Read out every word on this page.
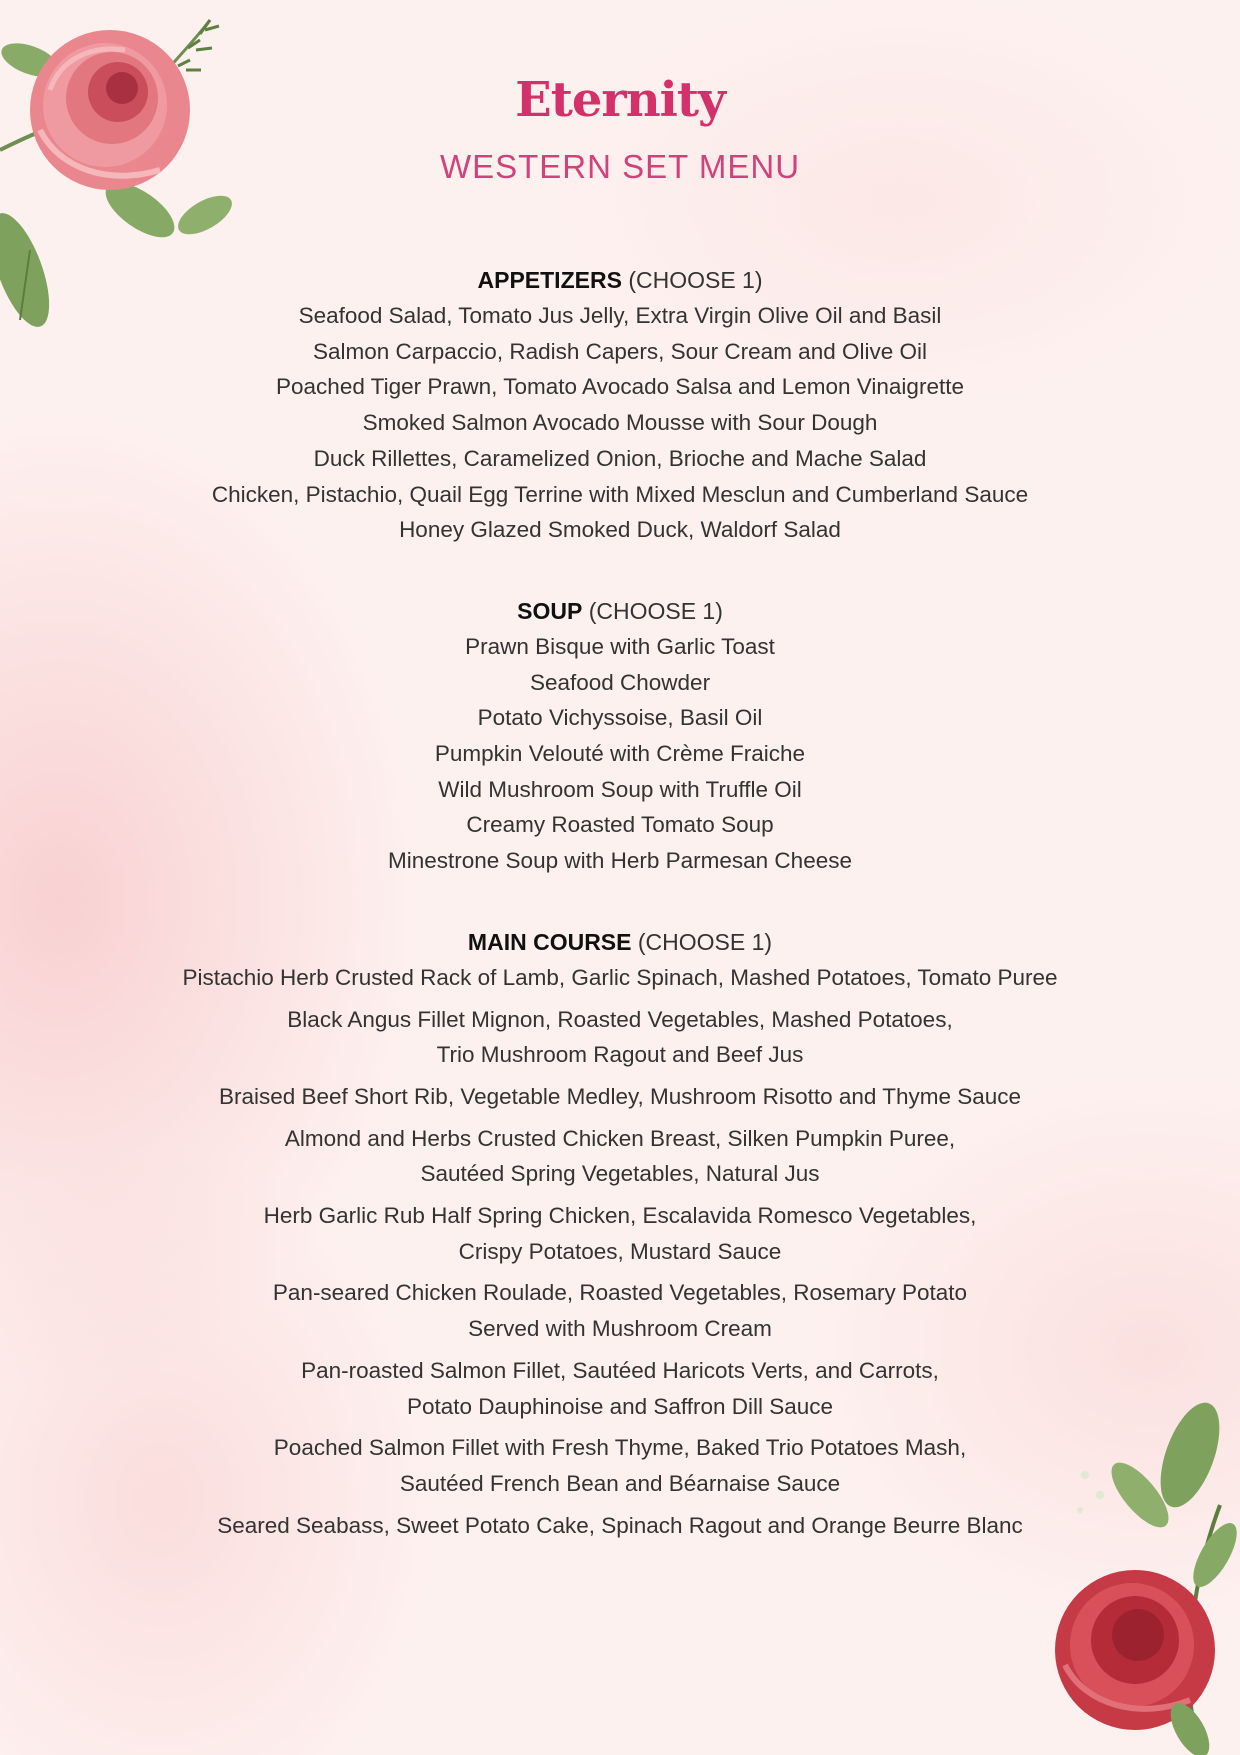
Eternity
WESTERN SET MENU
APPETIZERS (CHOOSE 1)
Seafood Salad, Tomato Jus Jelly, Extra Virgin Olive Oil and Basil
Salmon Carpaccio, Radish Capers, Sour Cream and Olive Oil
Poached Tiger Prawn, Tomato Avocado Salsa and Lemon Vinaigrette
Smoked Salmon Avocado Mousse with Sour Dough
Duck Rillettes, Caramelized Onion, Brioche and Mache Salad
Chicken, Pistachio, Quail Egg Terrine with Mixed Mesclun and Cumberland Sauce
Honey Glazed Smoked Duck, Waldorf Salad
SOUP (CHOOSE 1)
Prawn Bisque with Garlic Toast
Seafood Chowder
Potato Vichyssoise, Basil Oil
Pumpkin Velouté with Crème Fraiche
Wild Mushroom Soup with Truffle Oil
Creamy Roasted Tomato Soup
Minestrone Soup with Herb Parmesan Cheese
MAIN COURSE (CHOOSE 1)
Pistachio Herb Crusted Rack of Lamb, Garlic Spinach, Mashed Potatoes, Tomato Puree
Black Angus Fillet Mignon, Roasted Vegetables, Mashed Potatoes,
Trio Mushroom Ragout and Beef Jus
Braised Beef Short Rib, Vegetable Medley, Mushroom Risotto and Thyme Sauce
Almond and Herbs Crusted Chicken Breast, Silken Pumpkin Puree,
Sautéed Spring Vegetables, Natural Jus
Herb Garlic Rub Half Spring Chicken, Escalavida Romesco Vegetables,
Crispy Potatoes, Mustard Sauce
Pan-seared Chicken Roulade, Roasted Vegetables, Rosemary Potato
Served with Mushroom Cream
Pan-roasted Salmon Fillet, Sautéed Haricots Verts, and Carrots,
Potato Dauphinoise and Saffron Dill Sauce
Poached Salmon Fillet with Fresh Thyme, Baked Trio Potatoes Mash,
Sautéed French Bean and Béarnaise Sauce
Seared Seabass, Sweet Potato Cake, Spinach Ragout and Orange Beurre Blanc
